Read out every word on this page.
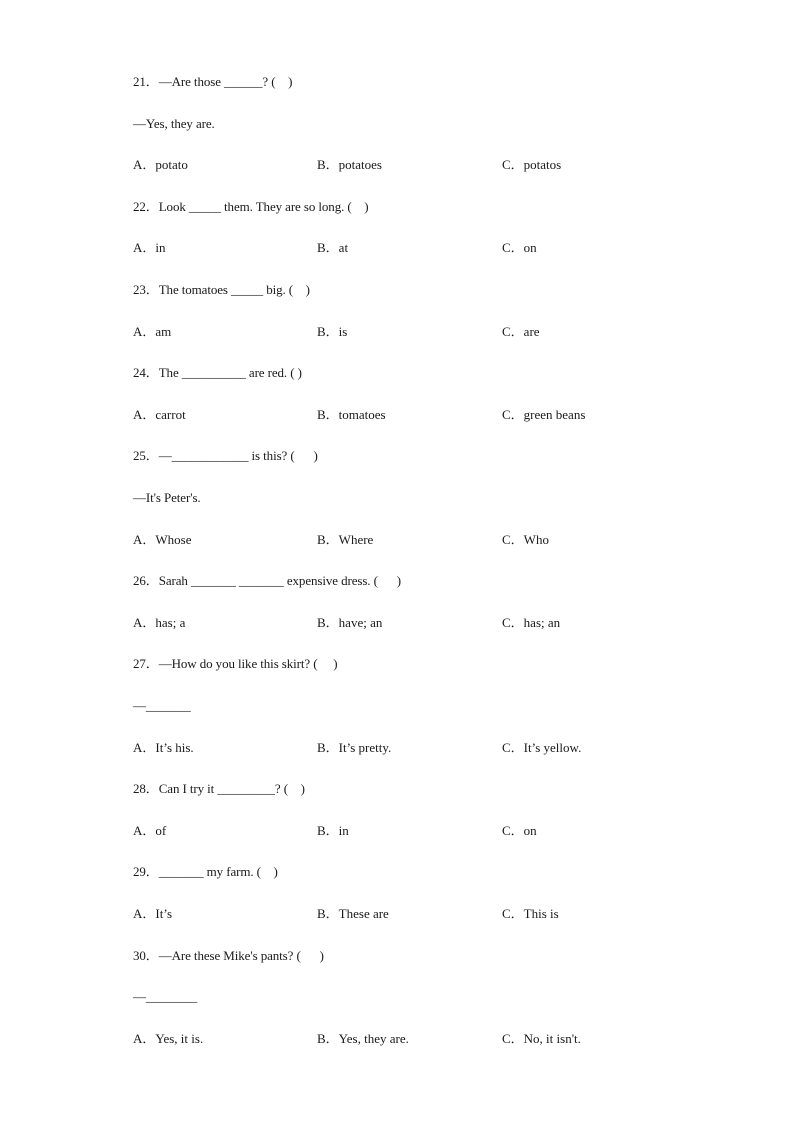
21．—Are those ______? (    )
—Yes, they are.
A．potato	B．potatoes	C．potatos
22．Look _____ them. They are so long. (    )
A．in	B．at	C．on
23．The tomatoes _____ big. (    )
A．am	B．is	C．are
24．The __________ are red. ( )
A．carrot	B．tomatoes	C．green beans
25．—____________ is this? (      )
—It's Peter's.
A．Whose	B．Where	C．Who
26．Sarah _______ _______ expensive dress. (      )
A．has; a	B．have; an	C．has; an
27．—How do you like this skirt? (     )
—_______
A．It’s his.	B．It’s pretty.	C．It’s yellow.
28．Can I try it _________? (    )
A．of	B．in	C．on
29．_______ my farm. (    )
A．It’s	B．These are	C．This is
30．—Are these Mike's pants? (      )
—________
A．Yes, it is.	B．Yes, they are.	C．No, it isn't.
